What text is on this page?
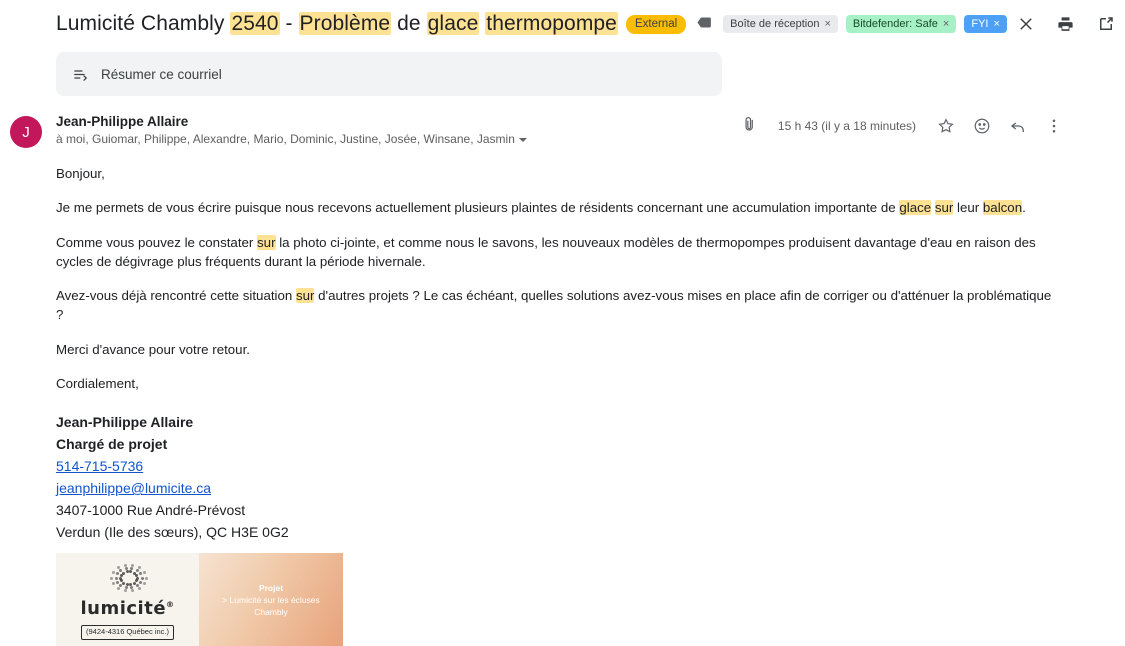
Lumicité Chambly 2540 - Problème de glace thermopompe	External	Boîte de réception × Bitdefender: Safe × FYI ×
Résumer ce courriel
J
Jean-Philippe Allaire
à moi, Guiomar, Philippe, Alexandre, Mario, Dominic, Justine, Josée, Winsane, Jasmin
15 h 43 (il y a 18 minutes)

Bonjour,

Je me permets de vous écrire puisque nous recevons actuellement plusieurs plaintes de résidents concernant une accumulation importante de glace sur leur balcon.

Comme vous pouvez le constater sur la photo ci-jointe, et comme nous le savons, les nouveaux modèles de thermopompes produisent davantage d'eau en raison des cycles de dégivrage plus fréquents durant la période hivernale.

Avez-vous déjà rencontré cette situation sur d'autres projets ? Le cas échéant, quelles solutions avez-vous mises en place afin de corriger ou d'atténuer la problématique ?

Merci d'avance pour votre retour.

Cordialement,

Jean-Philippe Allaire
Chargé de projet
514-715-5736
jeanphilippe@lumicite.ca
3407-1000 Rue André-Prévost
Verdun (Ile des sœurs), QC H3E 0G2
lumicité®
(9424-4316 Québec inc.)
Projet
> Lumicité sur les écluses
Chambly
